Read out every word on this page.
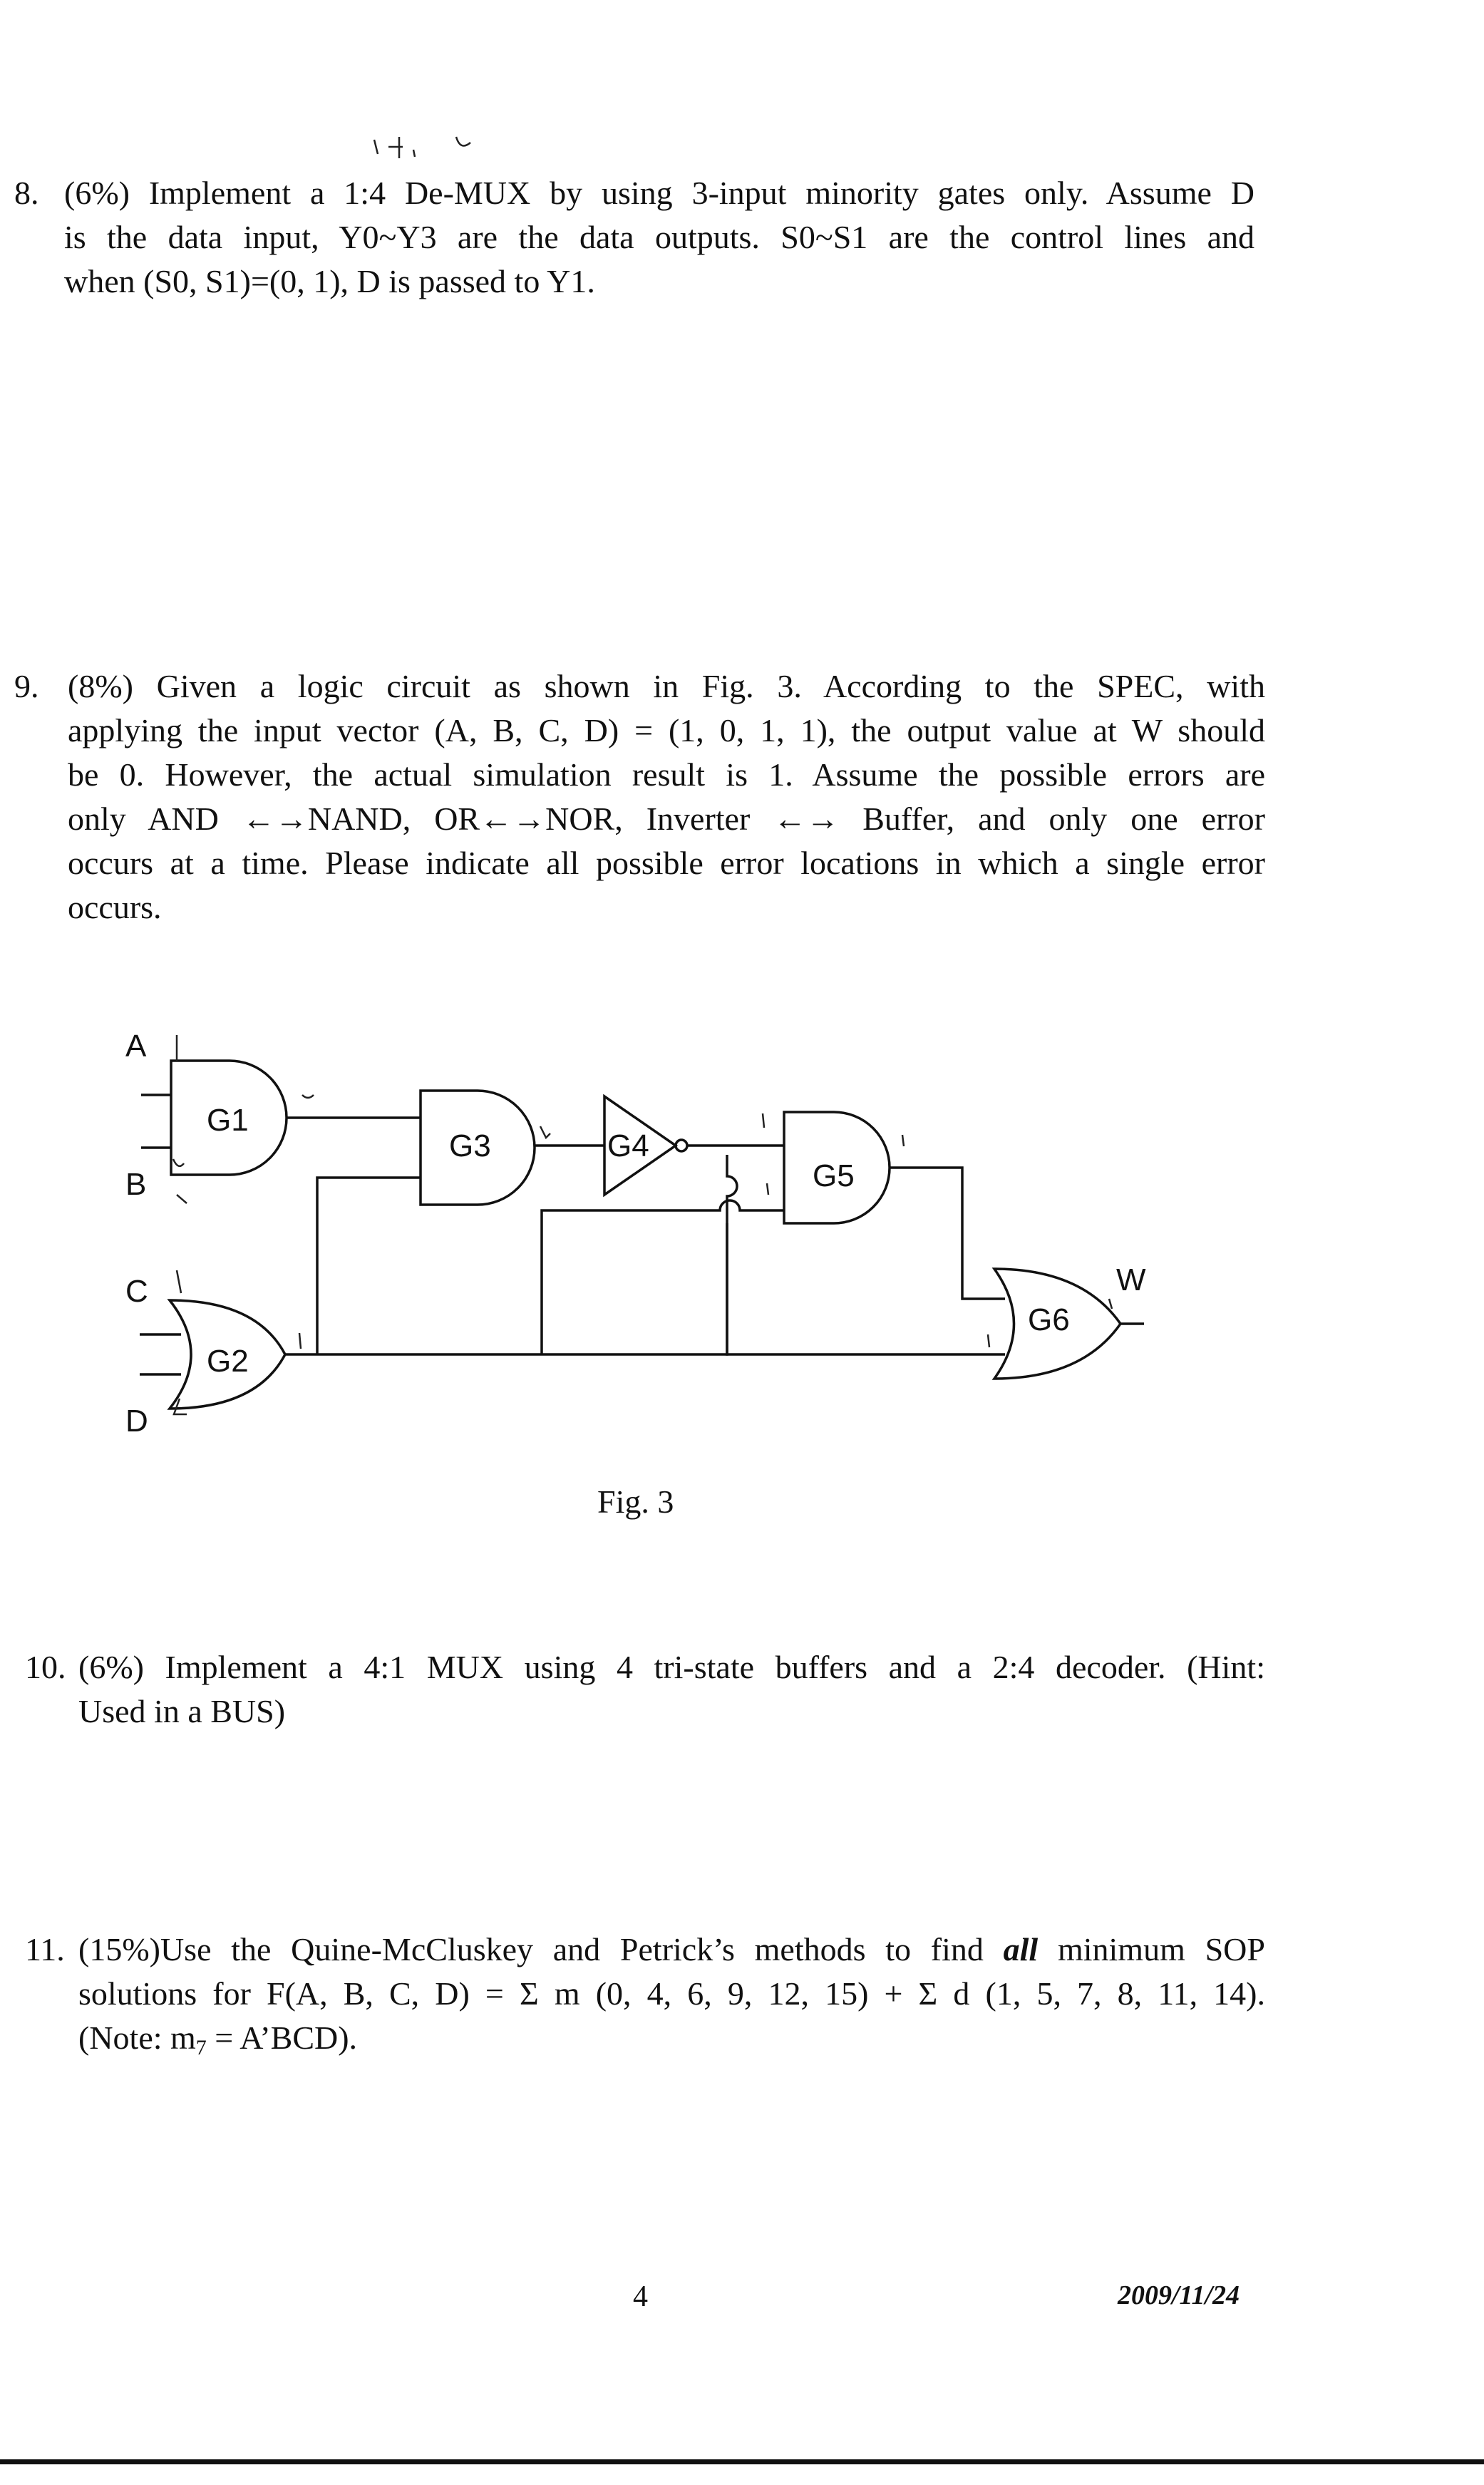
8. (6%) Implement a 1:4 De-MUX by using 3-input minority gates only. Assume D
is the data input, Y0~Y3 are the data outputs. S0~S1 are the control lines and
when (S0, S1)=(0, 1), D is passed to Y1.
9. (8%) Given a logic circuit as shown in Fig. 3. According to the SPEC, with
applying the input vector (A, B, C, D) = (1, 0, 1, 1), the output value at W should
be 0. However, the actual simulation result is 1. Assume the possible errors are
only AND ←→NAND, OR←→NOR, Inverter ←→ Buffer, and only one error
occurs at a time. Please indicate all possible error locations in which a single error
occurs.
A
B
C
D
G1
G2
G3	G4
G5
G6
W
Fig. 3
10. (6%) Implement a 4:1 MUX using 4 tri-state buffers and a 2:4 decoder. (Hint:
Used in a BUS)
11. (15%)Use the Quine-McCluskey and Petrick’s methods to find all minimum SOP
solutions for F(A, B, C, D) = Σ m (0, 4, 6, 9, 12, 15) + Σ d (1, 5, 7, 8, 11, 14).
(Note: $m_7$ = A’BCD).
4	2009/11/24
